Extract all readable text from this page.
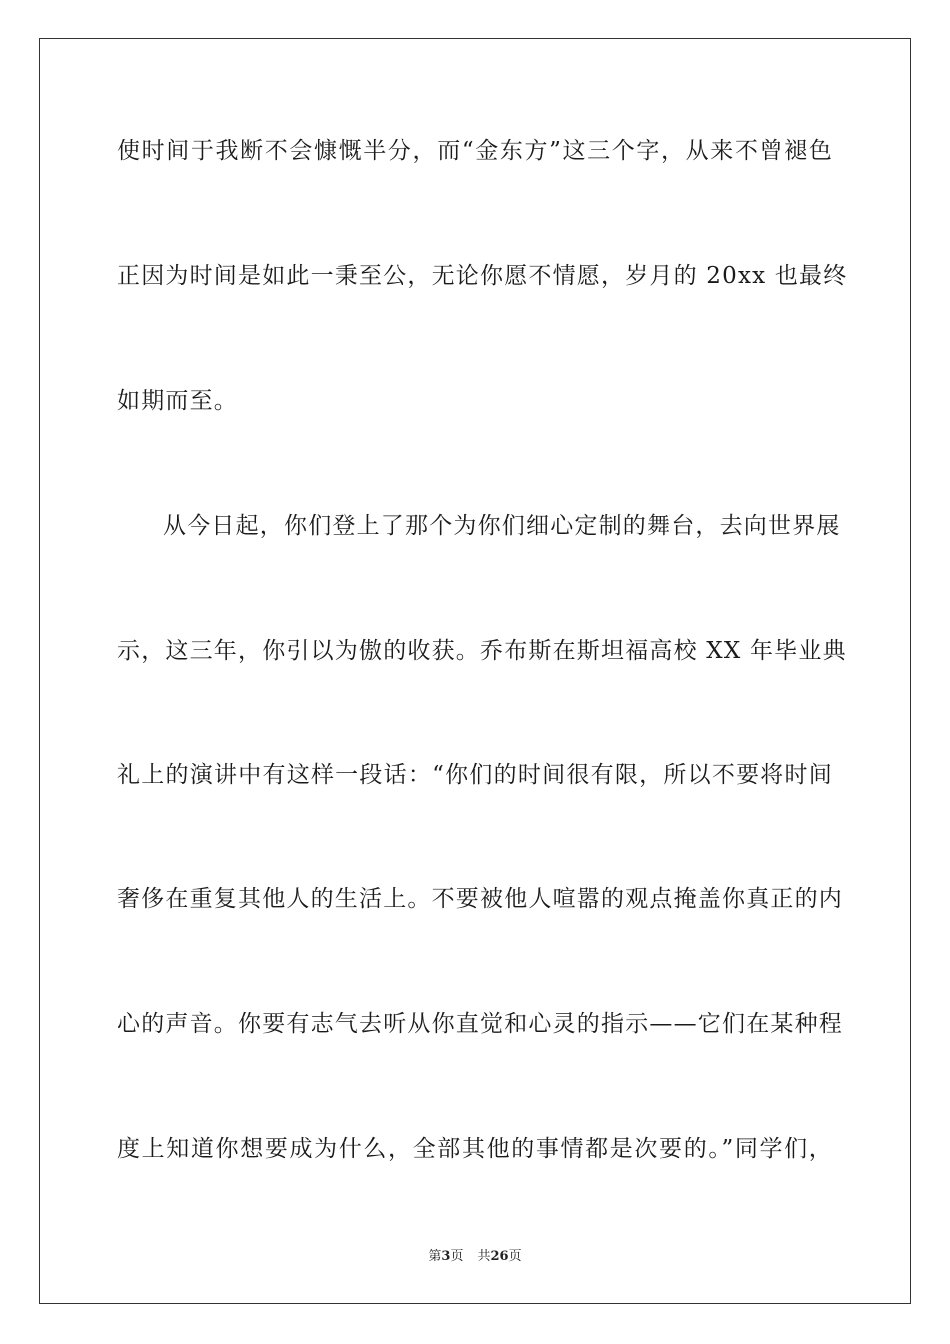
使时间于我断不会慷慨半分，而“金东方”这三个字，从来不曾褪色
正因为时间是如此一秉至公，无论你愿不情愿，岁月的 20xx 也最终
如期而至。
从今日起，你们登上了那个为你们细心定制的舞台，去向世界展
示，这三年，你引以为傲的收获。乔布斯在斯坦福高校 XX 年毕业典
礼上的演讲中有这样一段话：“你们的时间很有限，所以不要将时间
奢侈在重复其他人的生活上。不要被他人喧嚣的观点掩盖你真正的内
心的声音。你要有志气去听从你直觉和心灵的指示——它们在某种程
度上知道你想要成为什么，全部其他的事情都是次要的。”同学们，
第3页 共26页
